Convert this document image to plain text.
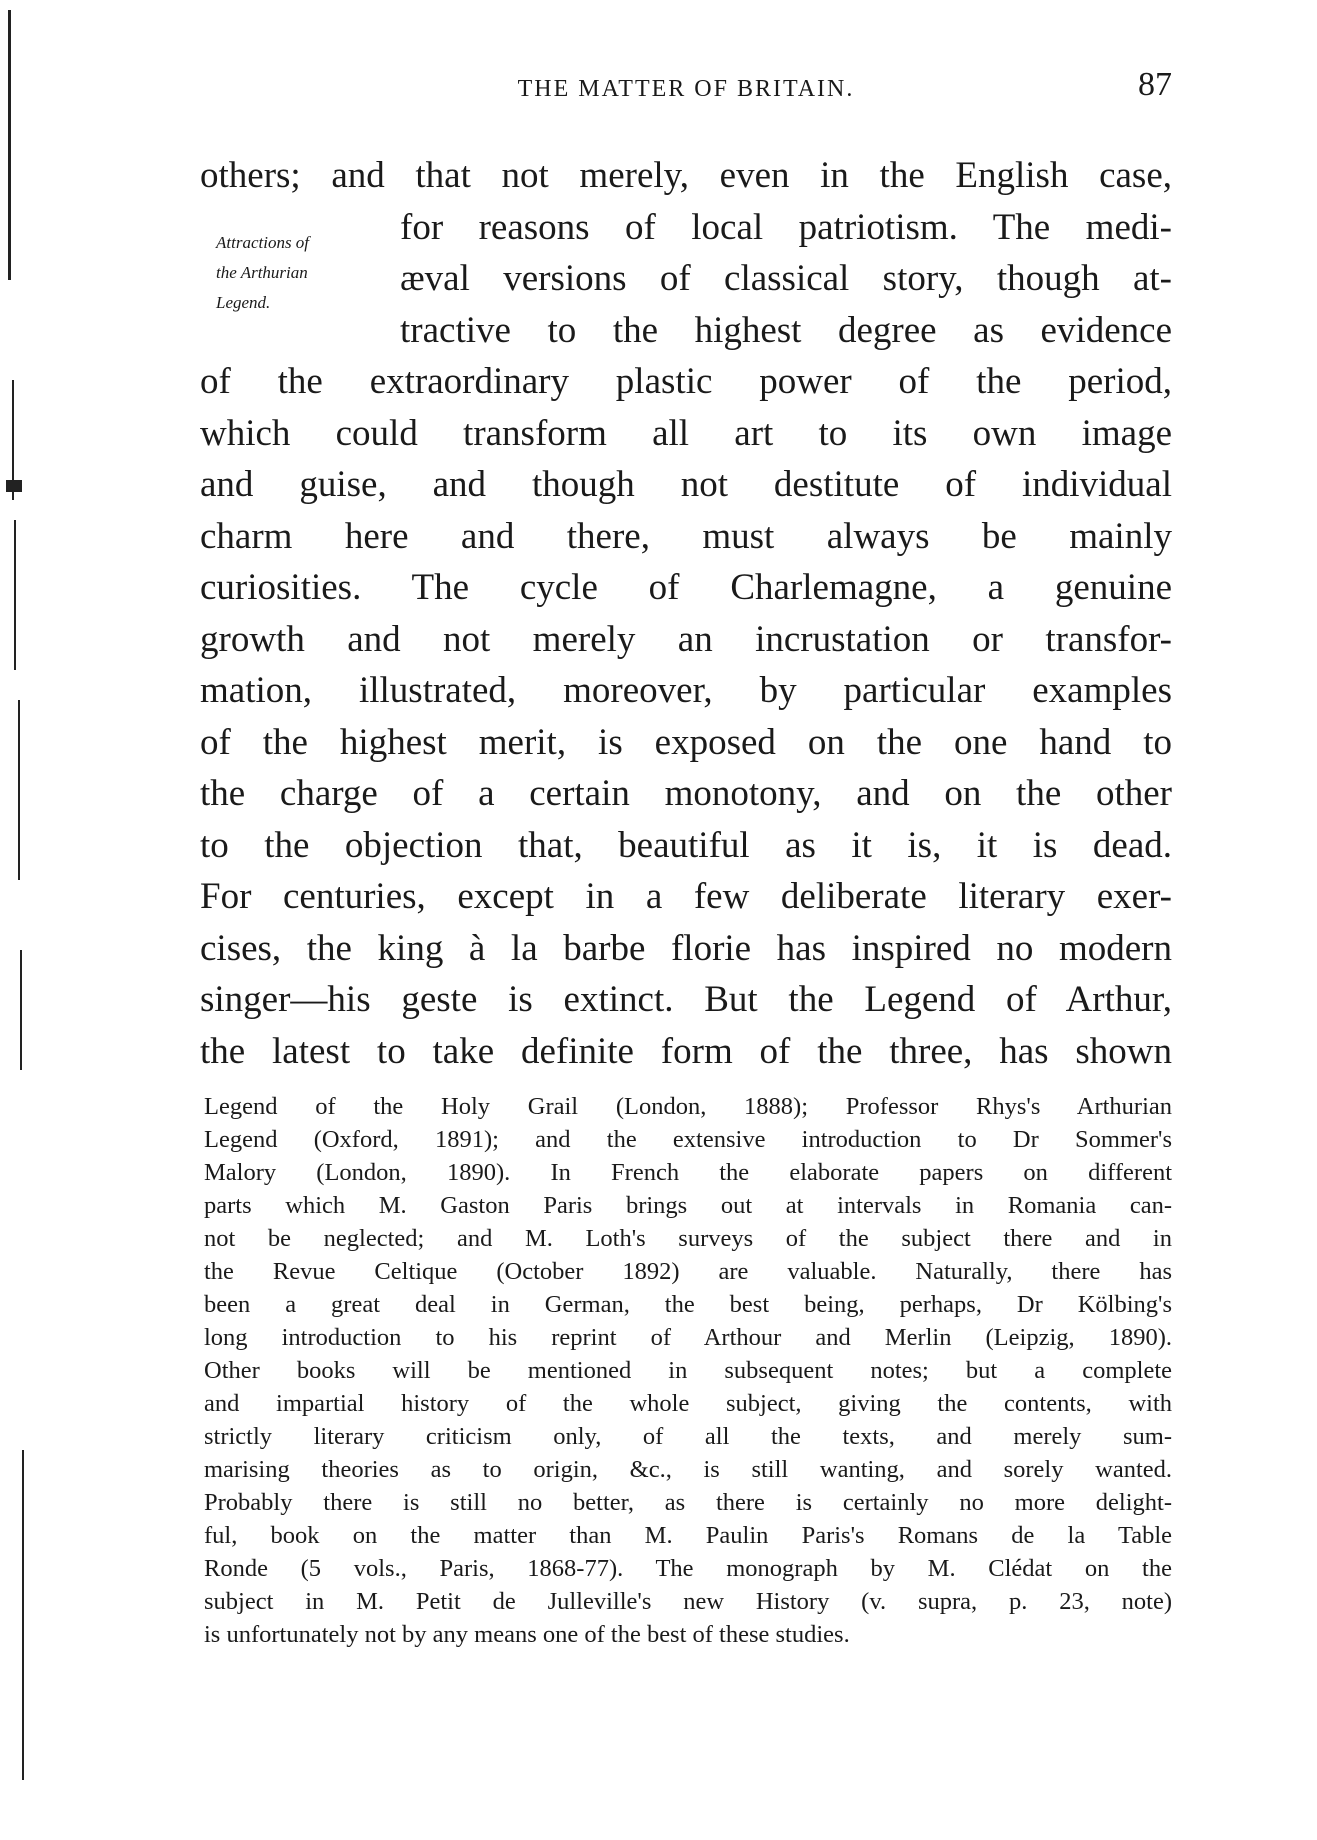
THE MATTER OF BRITAIN.	87
Attractions of
the Arthurian
Legend.
others; and that not merely, even in the English case,
for reasons of local patriotism. The medi-
æval versions of classical story, though at-
tractive to the highest degree as evidence
of the extraordinary plastic power of the period,
which could transform all art to its own image
and guise, and though not destitute of individual
charm here and there, must always be mainly
curiosities. The cycle of Charlemagne, a genuine
growth and not merely an incrustation or transfor-
mation, illustrated, moreover, by particular examples
of the highest merit, is exposed on the one hand to
the charge of a certain monotony, and on the other
to the objection that, beautiful as it is, it is dead.
For centuries, except in a few deliberate literary exer-
cises, the king à la barbe florie has inspired no modern
singer—his geste is extinct. But the Legend of Arthur,
the latest to take definite form of the three, has shown
Legend of the Holy Grail (London, 1888); Professor Rhys's Arthurian
Legend (Oxford, 1891); and the extensive introduction to Dr Sommer's
Malory (London, 1890). In French the elaborate papers on different
parts which M. Gaston Paris brings out at intervals in Romania can-
not be neglected; and M. Loth's surveys of the subject there and in
the Revue Celtique (October 1892) are valuable. Naturally, there has
been a great deal in German, the best being, perhaps, Dr Kölbing's
long introduction to his reprint of Arthour and Merlin (Leipzig, 1890).
Other books will be mentioned in subsequent notes; but a complete
and impartial history of the whole subject, giving the contents, with
strictly literary criticism only, of all the texts, and merely sum-
marising theories as to origin, &c., is still wanting, and sorely wanted.
Probably there is still no better, as there is certainly no more delight-
ful, book on the matter than M. Paulin Paris's Romans de la Table
Ronde (5 vols., Paris, 1868-77). The monograph by M. Clédat on the
subject in M. Petit de Julleville's new History (v. supra, p. 23, note)
is unfortunately not by any means one of the best of these studies.
